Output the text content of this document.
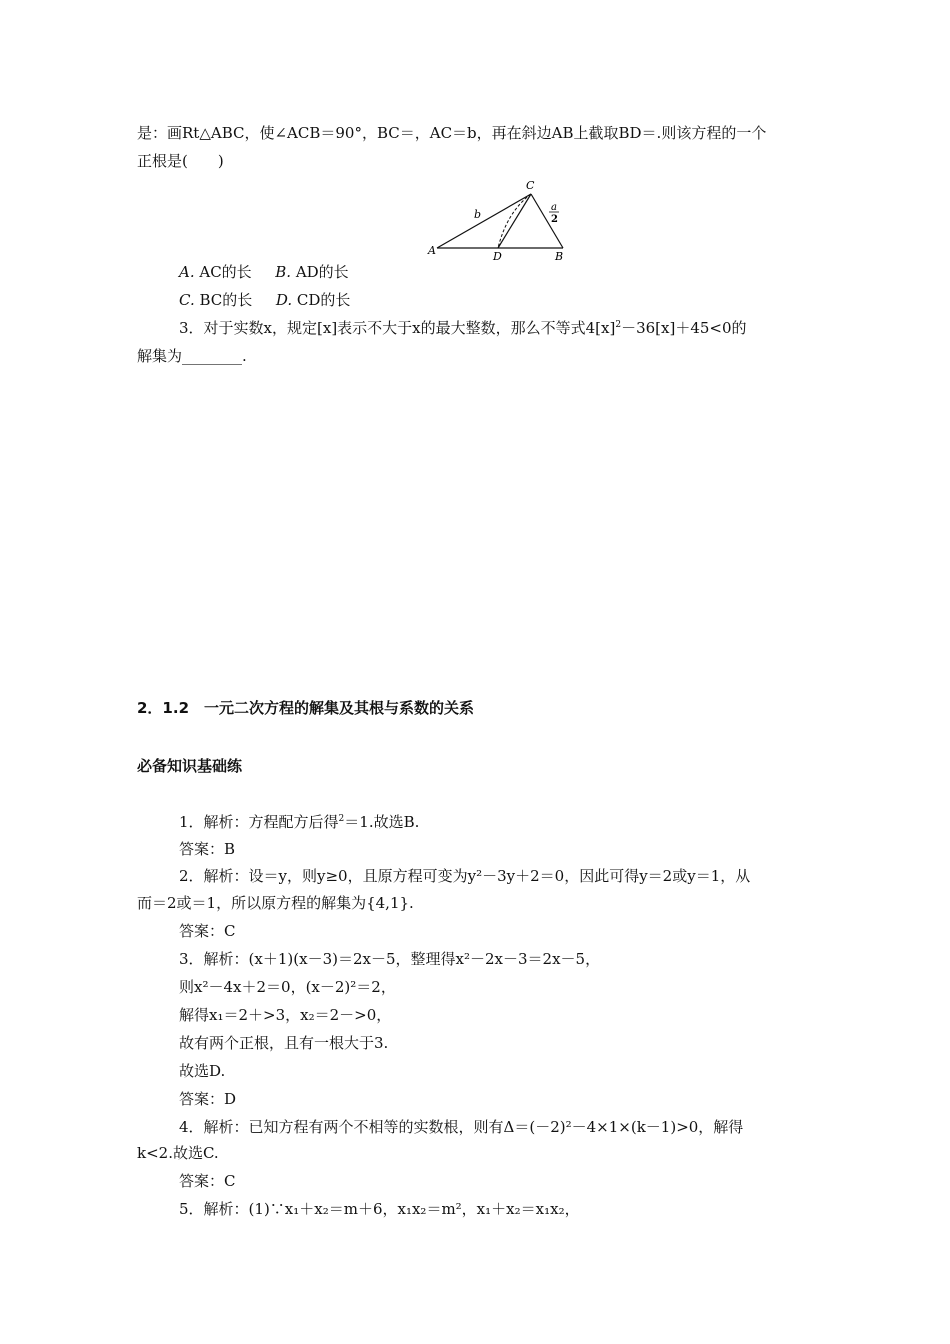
是：画Rt△ABC，使∠ACB＝90°，BC＝，AC＝b，再在斜边AB上截取BD＝.则该方程的一个
正根是(　　)
A	B
C
D
b
a
2
A. AC的长 B. AD的长
C. BC的长 D. CD的长
3．对于实数x，规定[x]表示不大于x的最大整数，那么不等式$4[x]^2-36[x]+45<0$的
解集为________.
2．1.2　一元二次方程的解集及其根与系数的关系
必备知识基础练
1．解析：方程配方后得$^2$＝1.故选B.
答案：B
2．解析：设＝y，则y≥0，且原方程可变为y²－3y＋2＝0，因此可得y＝2或y＝1，从
而＝2或＝1，所以原方程的解集为{4,1}.
答案：C
3．解析：(x＋1)(x－3)＝2x－5，整理得x²－2x－3＝2x－5，
则x²－4x＋2＝0，(x－2)²＝2，
解得x₁＝2＋>3，x₂＝2－>0，
故有两个正根，且有一根大于3.
故选D.
答案：D
4．解析：已知方程有两个不相等的实数根，则有Δ＝(－2)²－4×1×(k－1)>0，解得
k<2.故选C.
答案：C
5．解析：(1)∵x₁＋x₂＝m＋6，x₁x₂＝m²，x₁＋x₂＝x₁x₂，
